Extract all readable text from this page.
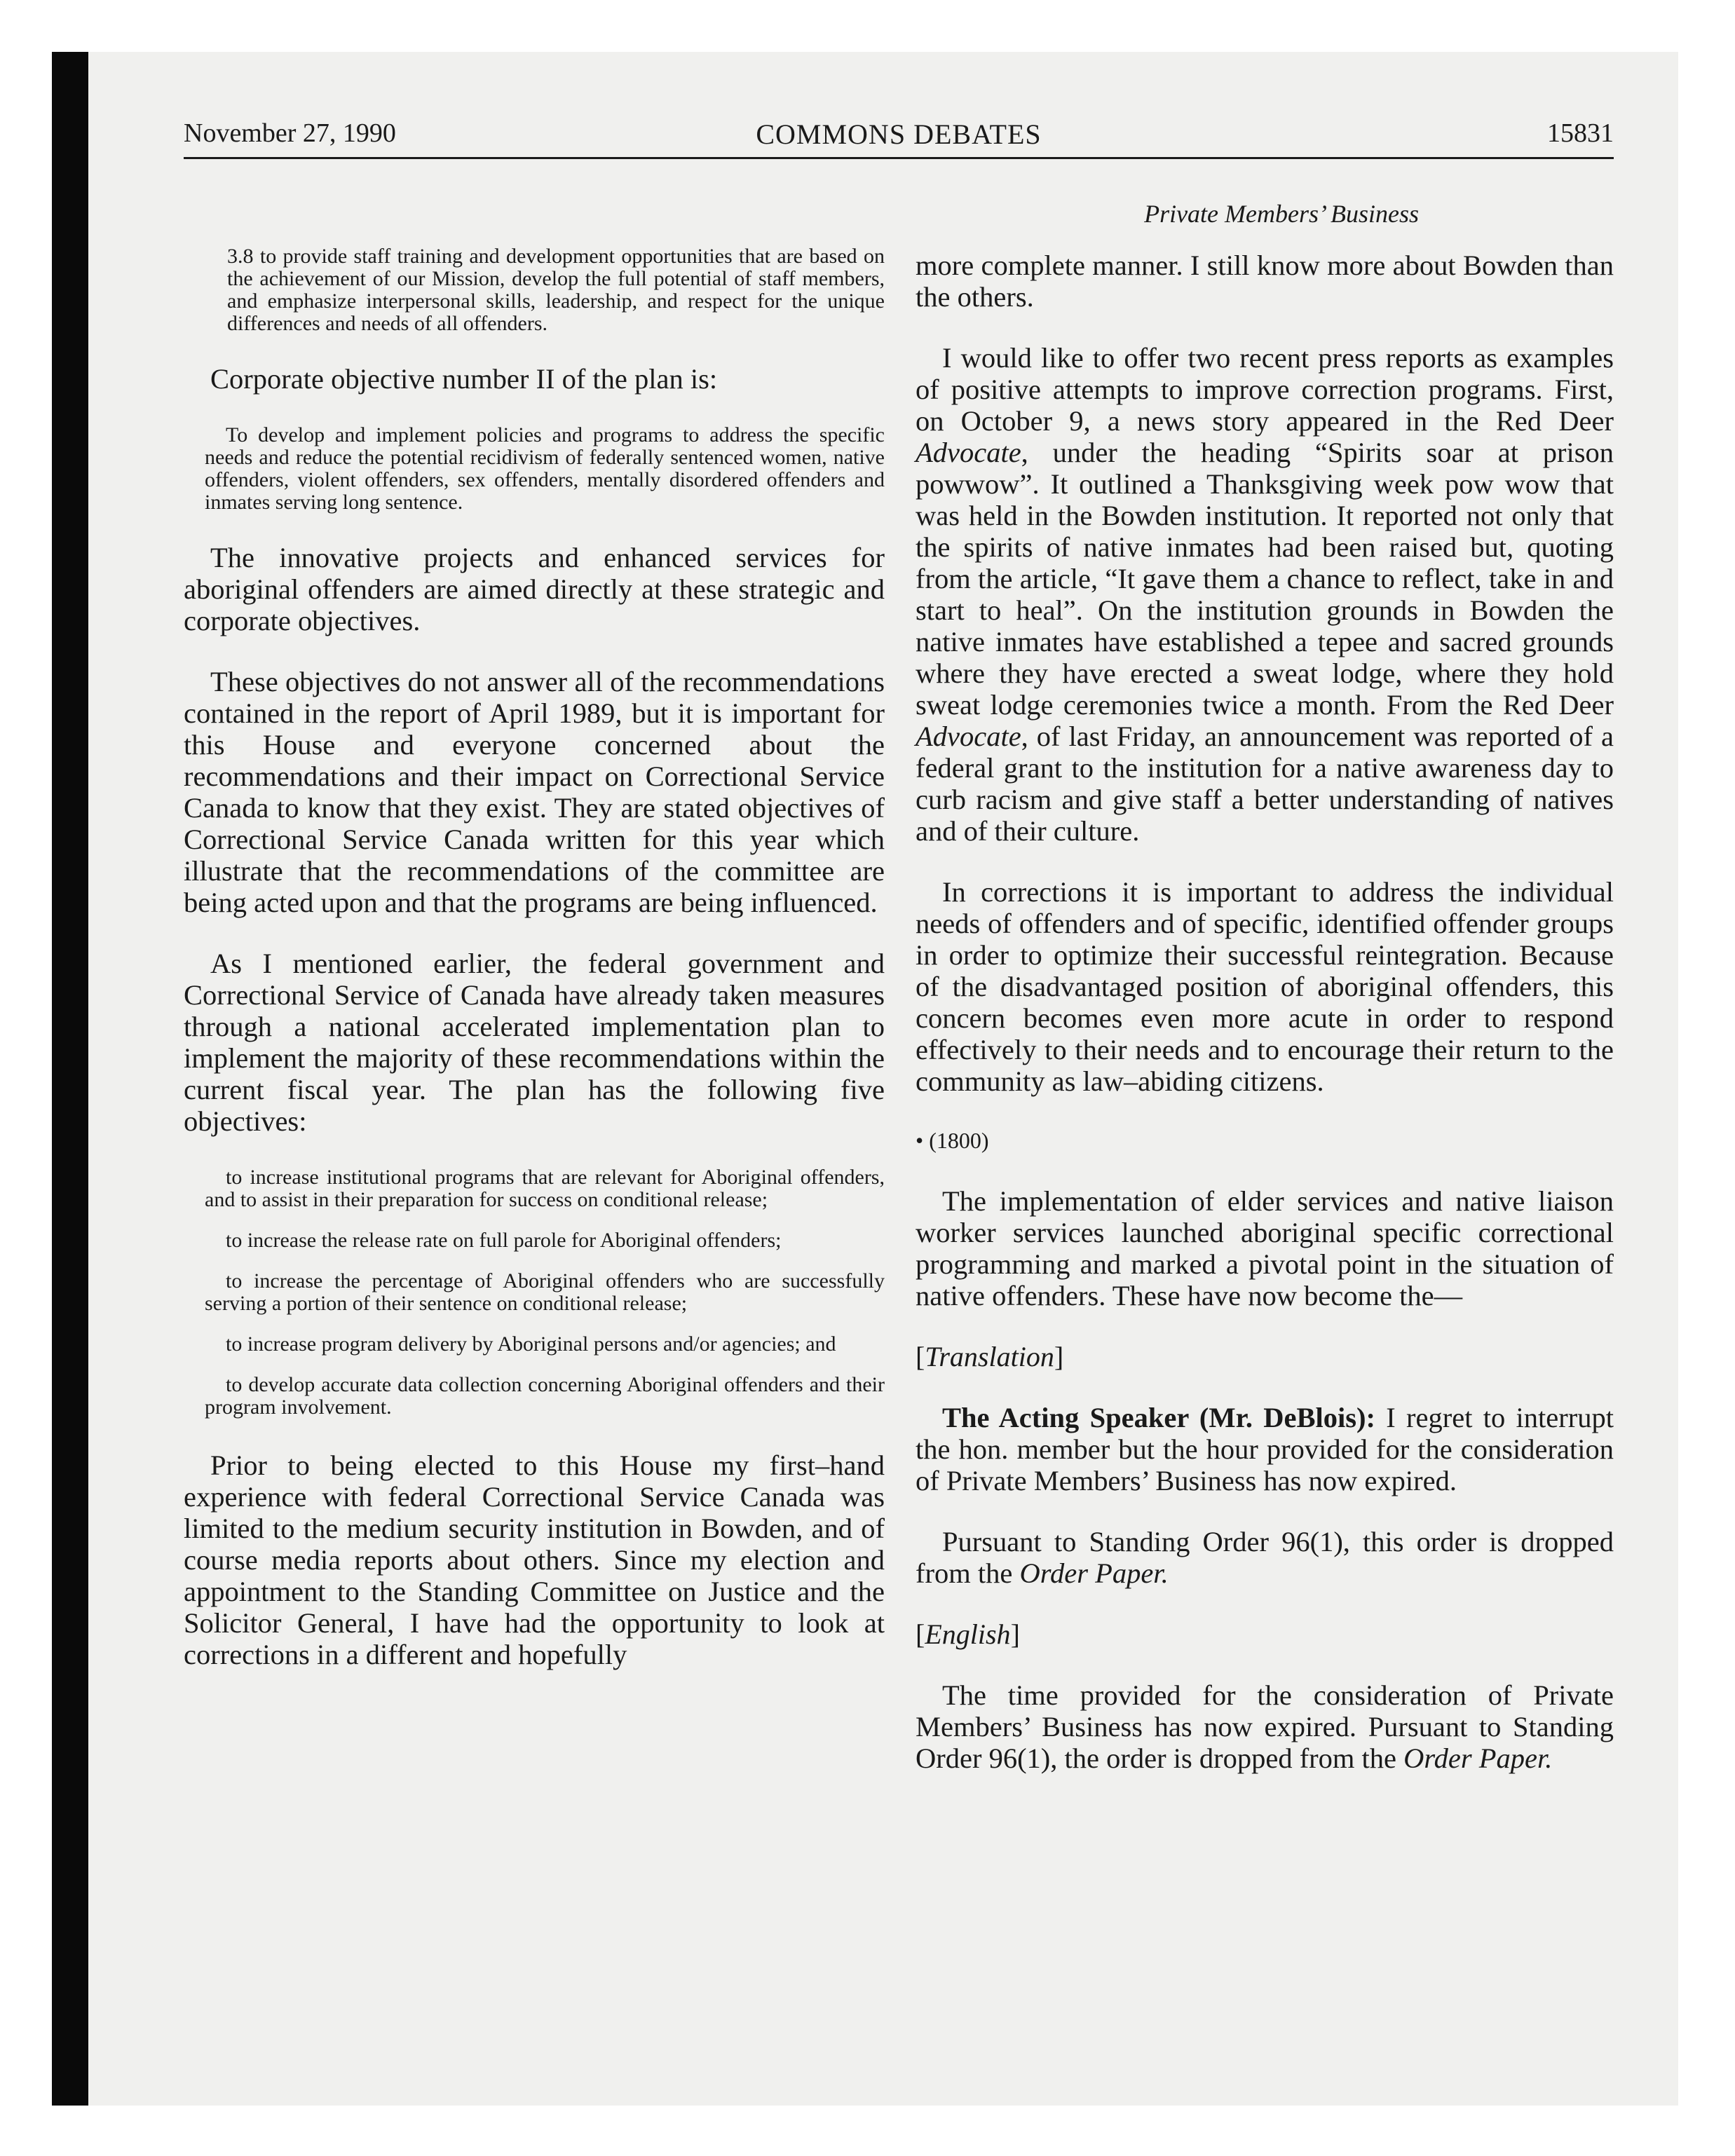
November 27, 1990	COMMONS DEBATES	15831
Private Members’ Business

3.8 to provide staff training and development opportunities that are based on the achievement of our Mission, develop the full potential of staff members, and emphasize interpersonal skills, leadership, and respect for the unique differences and needs of all offenders.

Corporate objective number II of the plan is:

To develop and implement policies and programs to address the specific needs and reduce the potential recidivism of federally sentenced women, native offenders, violent offenders, sex offenders, mentally disordered offenders and inmates serving long sentence.

The innovative projects and enhanced services for aboriginal offenders are aimed directly at these strategic and corporate objectives.

These objectives do not answer all of the recommendations contained in the report of April 1989, but it is important for this House and everyone concerned about the recommendations and their impact on Correctional Service Canada to know that they exist. They are stated objectives of Correctional Service Canada written for this year which illustrate that the recommendations of the committee are being acted upon and that the programs are being influenced.

As I mentioned earlier, the federal government and Correctional Service of Canada have already taken measures through a national accelerated implementation plan to implement the majority of these recommendations within the current fiscal year. The plan has the following five objectives:

to increase institutional programs that are relevant for Aboriginal offenders, and to assist in their preparation for success on conditional release;

to increase the release rate on full parole for Aboriginal offenders;

to increase the percentage of Aboriginal offenders who are successfully serving a portion of their sentence on conditional release;

to increase program delivery by Aboriginal persons and/or agencies; and

to develop accurate data collection concerning Aboriginal offenders and their program involvement.

Prior to being elected to this House my first–hand experience with federal Correctional Service Canada was limited to the medium security institution in Bowden, and of course media reports about others. Since my election and appointment to the Standing Committee on Justice and the Solicitor General, I have had the opportunity to look at corrections in a different and hopefully

more complete manner. I still know more about Bowden than the others.

I would like to offer two recent press reports as examples of positive attempts to improve correction programs. First, on October 9, a news story appeared in the Red Deer Advocate, under the heading “Spirits soar at prison powwow”. It outlined a Thanksgiving week pow wow that was held in the Bowden institution. It reported not only that the spirits of native inmates had been raised but, quoting from the article, “It gave them a chance to reflect, take in and start to heal”. On the institution grounds in Bowden the native inmates have established a tepee and sacred grounds where they have erected a sweat lodge, where they hold sweat lodge ceremonies twice a month. From the Red Deer Advocate, of last Friday, an announcement was reported of a federal grant to the institution for a native awareness day to curb racism and give staff a better understanding of natives and of their culture.

In corrections it is important to address the individual needs of offenders and of specific, identified offender groups in order to optimize their successful reintegration. Because of the disadvantaged position of aboriginal offenders, this concern becomes even more acute in order to respond effectively to their needs and to encourage their return to the community as law–abiding citizens.

• (1800)

The implementation of elder services and native liaison worker services launched aboriginal specific correctional programming and marked a pivotal point in the situation of native offenders. These have now become the—

[Translation]

The Acting Speaker (Mr. DeBlois): I regret to interrupt the hon. member but the hour provided for the consideration of Private Members’ Business has now expired.

Pursuant to Standing Order 96(1), this order is dropped from the Order Paper.

[English]

The time provided for the consideration of Private Members’ Business has now expired. Pursuant to Standing Order 96(1), the order is dropped from the Order Paper.
